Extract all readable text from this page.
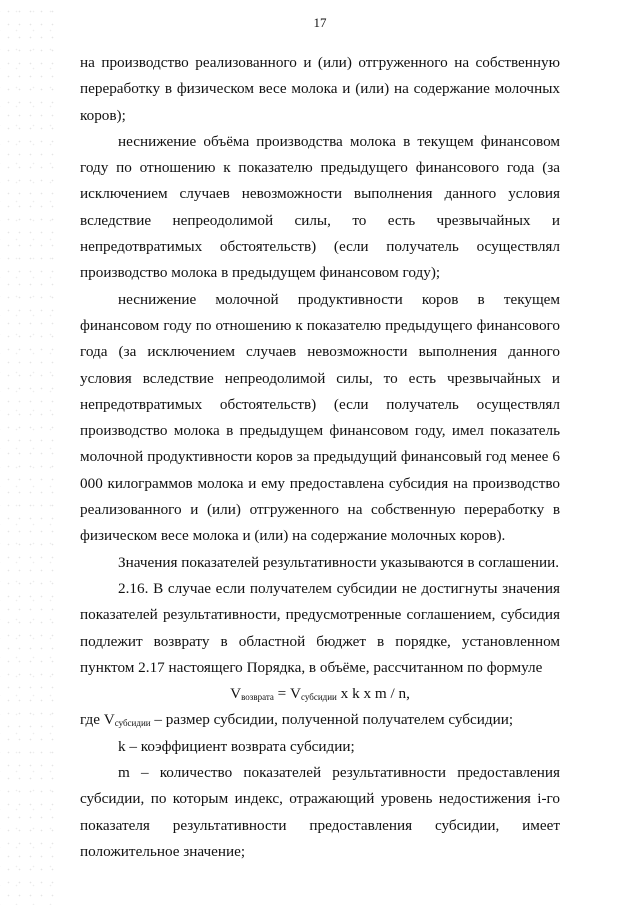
17

на производство реализованного и (или) отгруженного на собственную переработку в физическом весе молока и (или) на содержание молочных коров);

неснижение объёма производства молока в текущем финансовом году по отношению к показателю предыдущего финансового года (за исключением случаев невозможности выполнения данного условия вследствие непреодолимой силы, то есть чрезвычайных и непредотвратимых обстоятельств) (если получатель осуществлял производство молока в предыдущем финансовом году);

неснижение молочной продуктивности коров в текущем финансовом году по отношению к показателю предыдущего финансового года (за исключением случаев невозможности выполнения данного условия вследствие непреодолимой силы, то есть чрезвычайных и непредотвратимых обстоятельств) (если получатель осуществлял производство молока в предыдущем финансовом году, имел показатель молочной продуктивности коров за предыдущий финансовый год менее 6 000 килограммов молока и ему предоставлена субсидия на производство реализованного и (или) отгруженного на собственную переработку в физическом весе молока и (или) на содержание молочных коров).

Значения показателей результативности указываются в соглашении.

2.16. В случае если получателем субсидии не достигнуты значения показателей результативности, предусмотренные соглашением, субсидия подлежит возврату в областной бюджет в порядке, установленном пунктом 2.17 настоящего Порядка, в объёме, рассчитанном по формуле

$V_{возврата} = V_{субсидии}$ x k x m / n,

где $V_{субсидии}$ – размер субсидии, полученной получателем субсидии;

k – коэффициент возврата субсидии;

m – количество показателей результативности предоставления субсидии, по которым индекс, отражающий уровень недостижения i-го показателя результативности предоставления субсидии, имеет положительное значение;
